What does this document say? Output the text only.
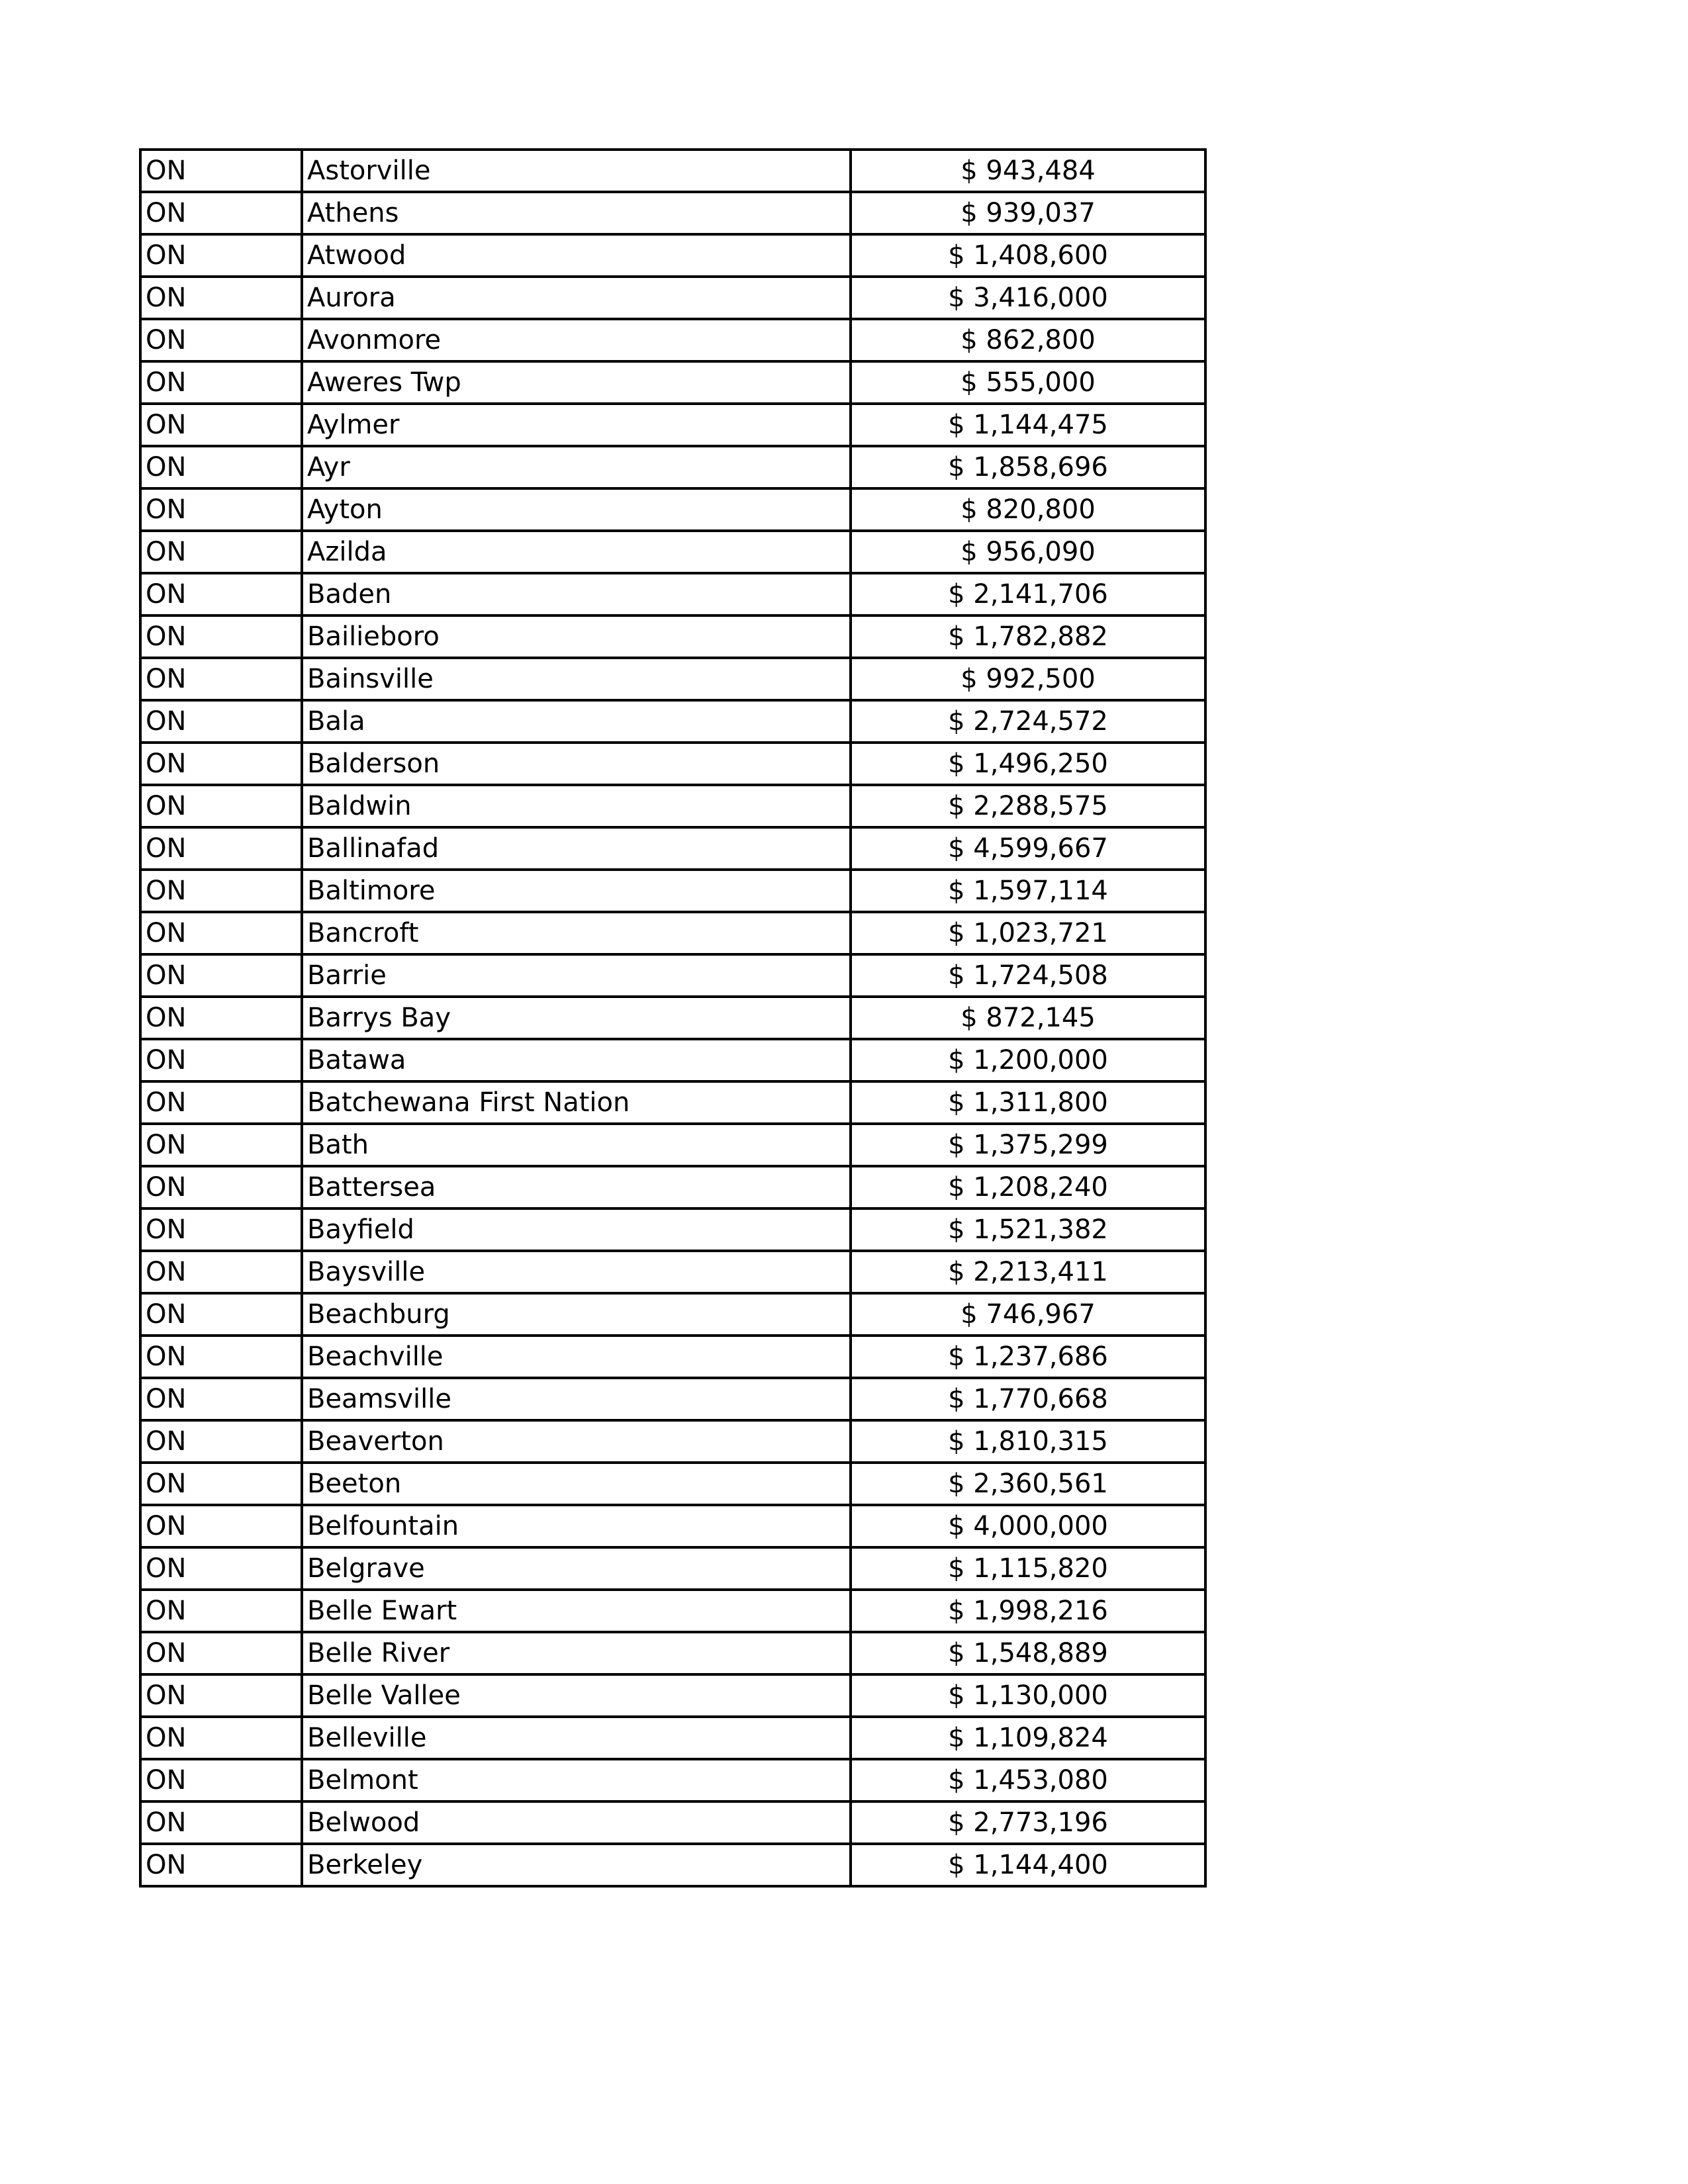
ON	Astorville	$ 943,484
ON	Athens	$ 939,037
ON	Atwood	$ 1,408,600
ON	Aurora	$ 3,416,000
ON	Avonmore	$ 862,800
ON	Aweres Twp	$ 555,000
ON	Aylmer	$ 1,144,475
ON	Ayr	$ 1,858,696
ON	Ayton	$ 820,800
ON	Azilda	$ 956,090
ON	Baden	$ 2,141,706
ON	Bailieboro	$ 1,782,882
ON	Bainsville	$ 992,500
ON	Bala	$ 2,724,572
ON	Balderson	$ 1,496,250
ON	Baldwin	$ 2,288,575
ON	Ballinafad	$ 4,599,667
ON	Baltimore	$ 1,597,114
ON	Bancroft	$ 1,023,721
ON	Barrie	$ 1,724,508
ON	Barrys Bay	$ 872,145
ON	Batawa	$ 1,200,000
ON	Batchewana First Nation	$ 1,311,800
ON	Bath	$ 1,375,299
ON	Battersea	$ 1,208,240
ON	Bayfield	$ 1,521,382
ON	Baysville	$ 2,213,411
ON	Beachburg	$ 746,967
ON	Beachville	$ 1,237,686
ON	Beamsville	$ 1,770,668
ON	Beaverton	$ 1,810,315
ON	Beeton	$ 2,360,561
ON	Belfountain	$ 4,000,000
ON	Belgrave	$ 1,115,820
ON	Belle Ewart	$ 1,998,216
ON	Belle River	$ 1,548,889
ON	Belle Vallee	$ 1,130,000
ON	Belleville	$ 1,109,824
ON	Belmont	$ 1,453,080
ON	Belwood	$ 2,773,196
ON	Berkeley	$ 1,144,400
